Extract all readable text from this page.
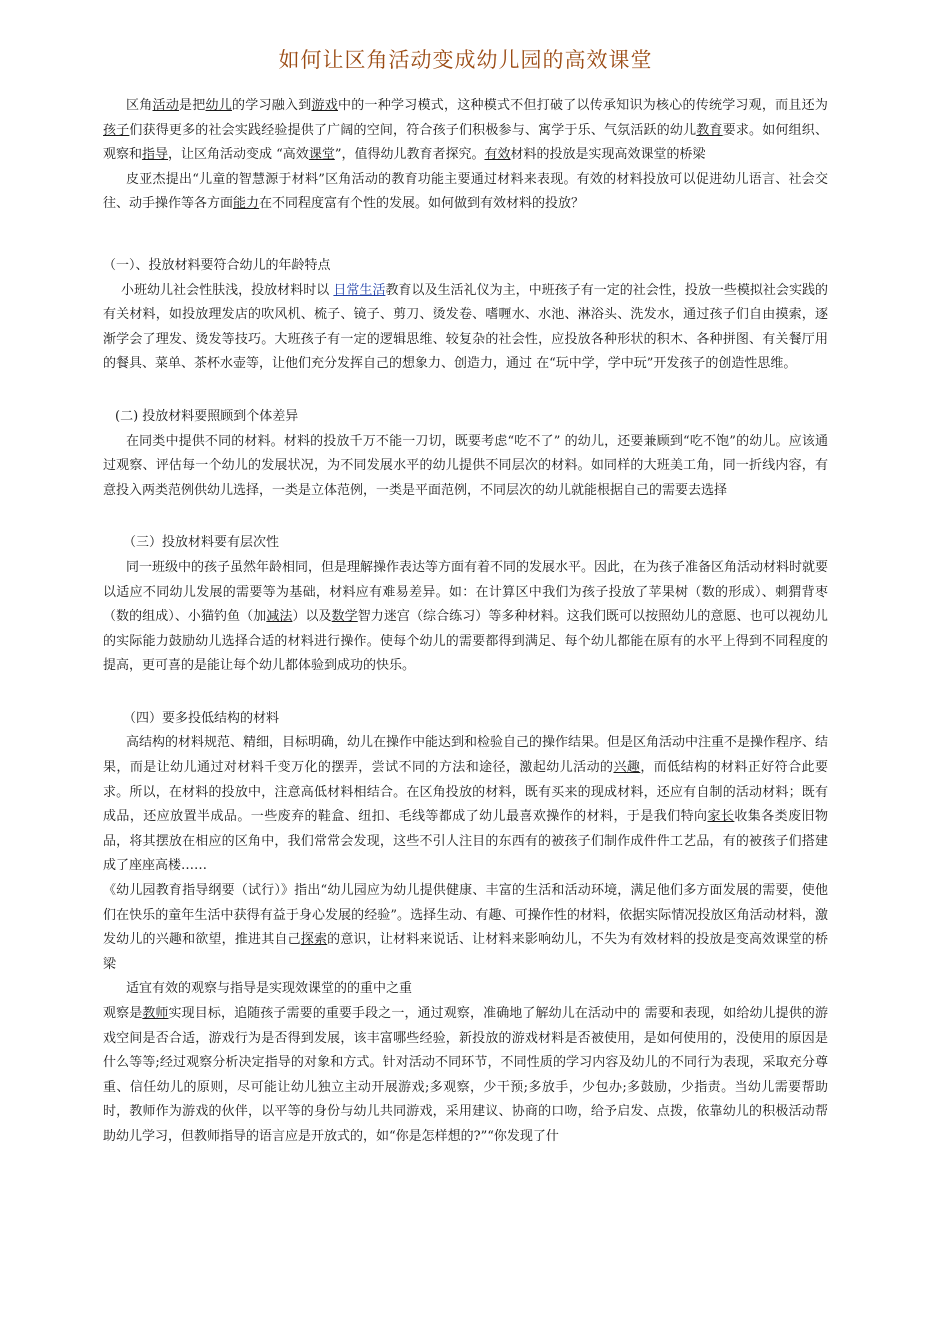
如何让区角活动变成幼儿园的高效课堂

区角活动是把幼儿的学习融入到游戏中的一种学习模式，这种模式不但打破了以传承知识为核心的传统学习观，而且还为孩子们获得更多的社会实践经验提供了广阔的空间，符合孩子们积极参与、寓学于乐、气氛活跃的幼儿教育要求。如何组织、观察和指导，让区角活动变成 “高效课堂”，值得幼儿教育者探究。有效材料的投放是实现高效课堂的桥梁

皮亚杰提出“儿童的智慧源于材料”区角活动的教育功能主要通过材料来表现。有效的材料投放可以促进幼儿语言、社会交往、动手操作等各方面能力在不同程度富有个性的发展。如何做到有效材料的投放？

（一）、投放材料要符合幼儿的年龄特点

小班幼儿社会性肤浅，投放材料时以 日常生活教育以及生活礼仪为主，中班孩子有一定的社会性，投放一些模拟社会实践的有关材料，如投放理发店的吹风机、梳子、镜子、剪刀、烫发卷、嗜喱水、水池、淋浴头、洗发水，通过孩子们自由摸索，逐渐学会了理发、烫发等技巧。大班孩子有一定的逻辑思维、较复杂的社会性，应投放各种形状的积木、各种拼图、有关餐厅用的餐具、菜单、茶杯水壶等，让他们充分发挥自己的想象力、创造力，通过 在“玩中学，学中玩”开发孩子的创造性思维。

(二) 投放材料要照顾到个体差异

在同类中提供不同的材料。材料的投放千万不能一刀切，既要考虑“吃不了” 的幼儿，还要兼顾到“吃不饱”的幼儿。应该通过观察、评估每一个幼儿的发展状况，为不同发展水平的幼儿提供不同层次的材料。如同样的大班美工角，同一折线内容，有意投入两类范例供幼儿选择，一类是立体范例，一类是平面范例，不同层次的幼儿就能根据自己的需要去选择

（三）投放材料要有层次性

同一班级中的孩子虽然年龄相同，但是理解操作表达等方面有着不同的发展水平。因此，在为孩子准备区角活动材料时就要以适应不同幼儿发展的需要等为基础，材料应有难易差异。如：在计算区中我们为孩子投放了苹果树（数的形成）、刺猬背枣（数的组成）、小猫钓鱼（加减法）以及数学智力迷宫（综合练习）等多种材料。这我们既可以按照幼儿的意愿、也可以视幼儿的实际能力鼓励幼儿选择合适的材料进行操作。使每个幼儿的需要都得到满足、每个幼儿都能在原有的水平上得到不同程度的提高，更可喜的是能让每个幼儿都体验到成功的快乐。

（四）要多投低结构的材料

高结构的材料规范、精细，目标明确，幼儿在操作中能达到和检验自己的操作结果。但是区角活动中注重不是操作程序、结果，而是让幼儿通过对材料千变万化的摆弄，尝试不同的方法和途径，激起幼儿活动的兴趣，而低结构的材料正好符合此要求。所以，在材料的投放中，注意高低材料相结合。在区角投放的材料，既有买来的现成材料，还应有自制的活动材料；既有成品，还应放置半成品。一些废弃的鞋盒、纽扣、毛线等都成了幼儿最喜欢操作的材料，于是我们特向家长收集各类废旧物品，将其摆放在相应的区角中，我们常常会发现，这些不引人注目的东西有的被孩子们制作成件件工艺品，有的被孩子们搭建成了座座高楼……

《幼儿园教育指导纲要（试行）》指出“幼儿园应为幼儿提供健康、丰富的生活和活动环境，满足他们多方面发展的需要，使他们在快乐的童年生活中获得有益于身心发展的经验”。选择生动、有趣、可操作性的材料，依据实际情况投放区角活动材料，激发幼儿的兴趣和欲望，推进其自己探索的意识，让材料来说话、让材料来影响幼儿，不失为有效材料的投放是变高效课堂的桥梁

适宜有效的观察与指导是实现效课堂的的重中之重

观察是教师实现目标，追随孩子需要的重要手段之一，通过观察，准确地了解幼儿在活动中的 需要和表现，如给幼儿提供的游戏空间是否合适，游戏行为是否得到发展，该丰富哪些经验，新投放的游戏材料是否被使用，是如何使用的，没使用的原因是什么等等;经过观察分析决定指导的对象和方式。针对活动不同环节，不同性质的学习内容及幼儿的不同行为表现，采取充分尊重、信任幼儿的原则，尽可能让幼儿独立主动开展游戏;多观察，少干预;多放手，少包办;多鼓励，少指责。当幼儿需要帮助时，教师作为游戏的伙伴，以平等的身份与幼儿共同游戏，采用建议、协商的口吻，给予启发、点拨，依靠幼儿的积极活动帮助幼儿学习，但教师指导的语言应是开放式的，如“你是怎样想的?”“你发现了什
